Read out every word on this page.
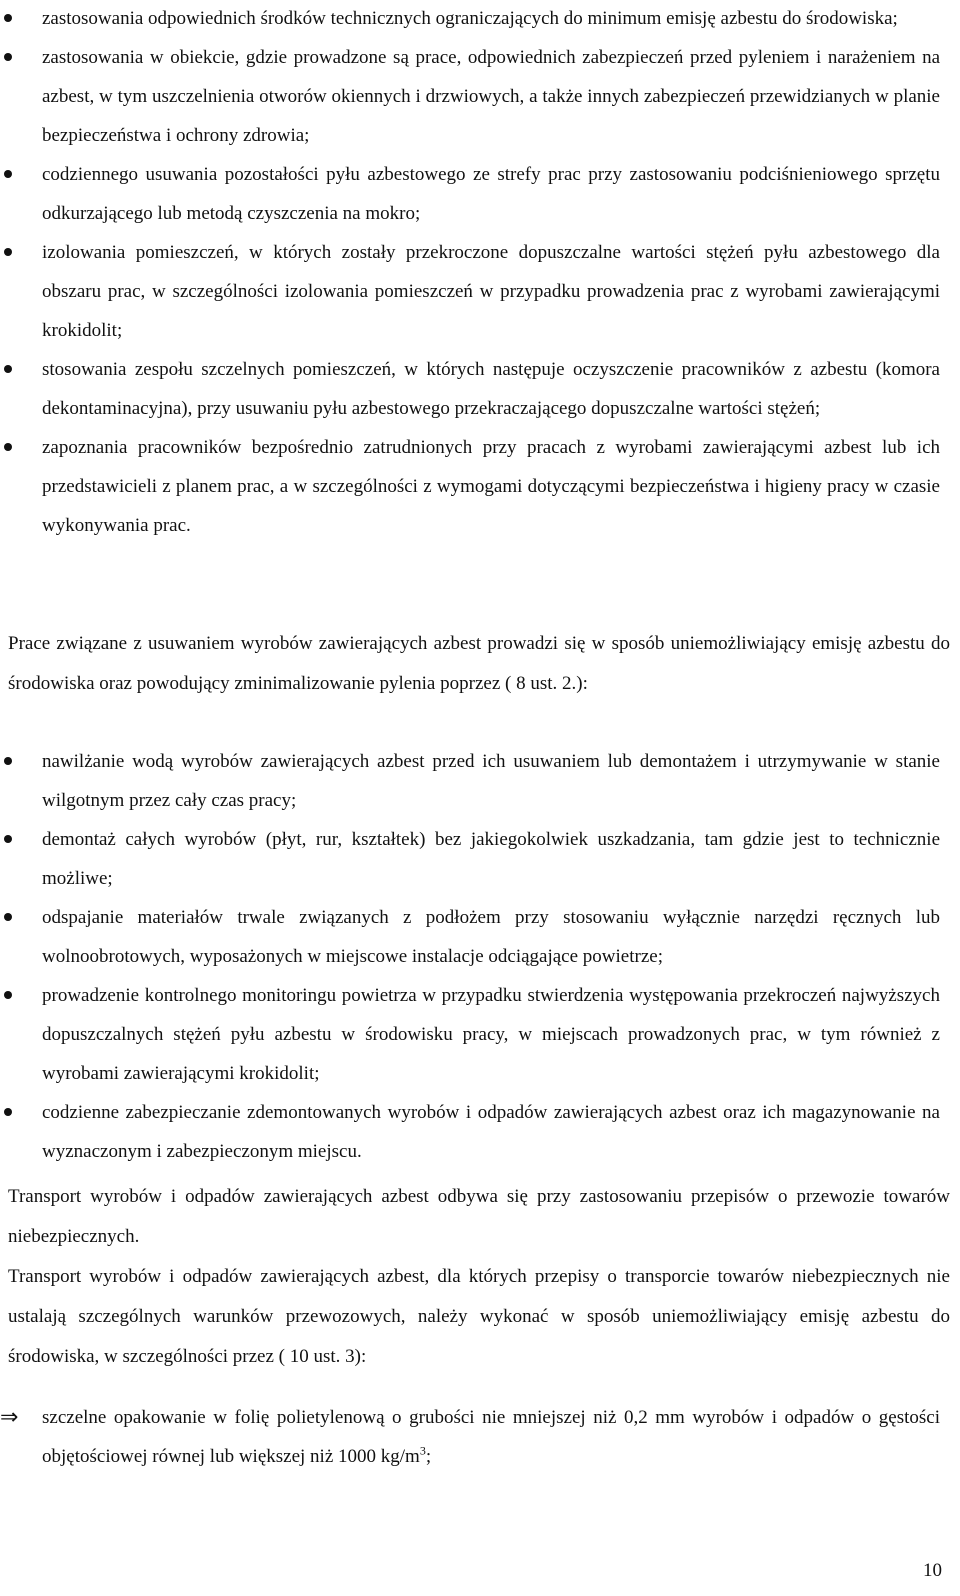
zastosowania odpowiednich środków technicznych ograniczających do minimum emisję azbestu do środowiska;
zastosowania w obiekcie, gdzie prowadzone są prace, odpowiednich zabezpieczeń przed pyleniem i narażeniem na azbest, w tym uszczelnienia otworów okiennych i drzwiowych, a także innych zabezpieczeń przewidzianych w planie bezpieczeństwa i ochrony zdrowia;
codziennego usuwania pozostałości pyłu azbestowego ze strefy prac przy zastosowaniu podciśnieniowego sprzętu odkurzającego lub metodą czyszczenia na mokro;
izolowania pomieszczeń, w których zostały przekroczone dopuszczalne wartości stężeń pyłu azbestowego dla obszaru prac, w szczególności izolowania pomieszczeń w przypadku prowadzenia prac z wyrobami zawierającymi krokidolit;
stosowania zespołu szczelnych pomieszczeń, w których następuje oczyszczenie pracowników z azbestu (komora dekontaminacyjna), przy usuwaniu pyłu azbestowego przekraczającego dopuszczalne wartości stężeń;
zapoznania pracowników bezpośrednio zatrudnionych przy pracach z wyrobami zawierającymi azbest lub ich przedstawicieli z planem prac, a w szczególności z wymogami dotyczącymi bezpieczeństwa i higieny pracy w czasie wykonywania prac.

Prace związane z usuwaniem wyrobów zawierających azbest prowadzi się w sposób uniemożliwiający emisję azbestu do środowiska oraz powodujący zminimalizowanie pylenia poprzez ( 8 ust. 2.):

nawilżanie wodą wyrobów zawierających azbest przed ich usuwaniem lub demontażem i utrzymywanie w stanie wilgotnym przez cały czas pracy;
demontaż całych wyrobów (płyt, rur, kształtek) bez jakiegokolwiek uszkadzania, tam gdzie jest to technicznie możliwe;
odspajanie materiałów trwale związanych z podłożem przy stosowaniu wyłącznie narzędzi ręcznych lub wolnoobrotowych, wyposażonych w miejscowe instalacje odciągające powietrze;
prowadzenie kontrolnego monitoringu powietrza w przypadku stwierdzenia występowania przekroczeń najwyższych dopuszczalnych stężeń pyłu azbestu w środowisku pracy, w miejscach prowadzonych prac, w tym również z wyrobami zawierającymi krokidolit;
codzienne zabezpieczanie zdemontowanych wyrobów i odpadów zawierających azbest oraz ich magazynowanie na wyznaczonym i zabezpieczonym miejscu.

Transport wyrobów i odpadów zawierających azbest odbywa się przy zastosowaniu przepisów o przewozie towarów niebezpiecznych.

Transport wyrobów i odpadów zawierających azbest, dla których przepisy o transporcie towarów niebezpiecznych nie ustalają szczególnych warunków przewozowych, należy wykonać w sposób uniemożliwiający emisję azbestu do środowiska, w szczególności przez ( 10 ust. 3):

⇒ szczelne opakowanie w folię polietylenową o grubości nie mniejszej niż 0,2 mm wyrobów i odpadów o gęstości objętościowej równej lub większej niż 1000 $kg/m^3$;
10
